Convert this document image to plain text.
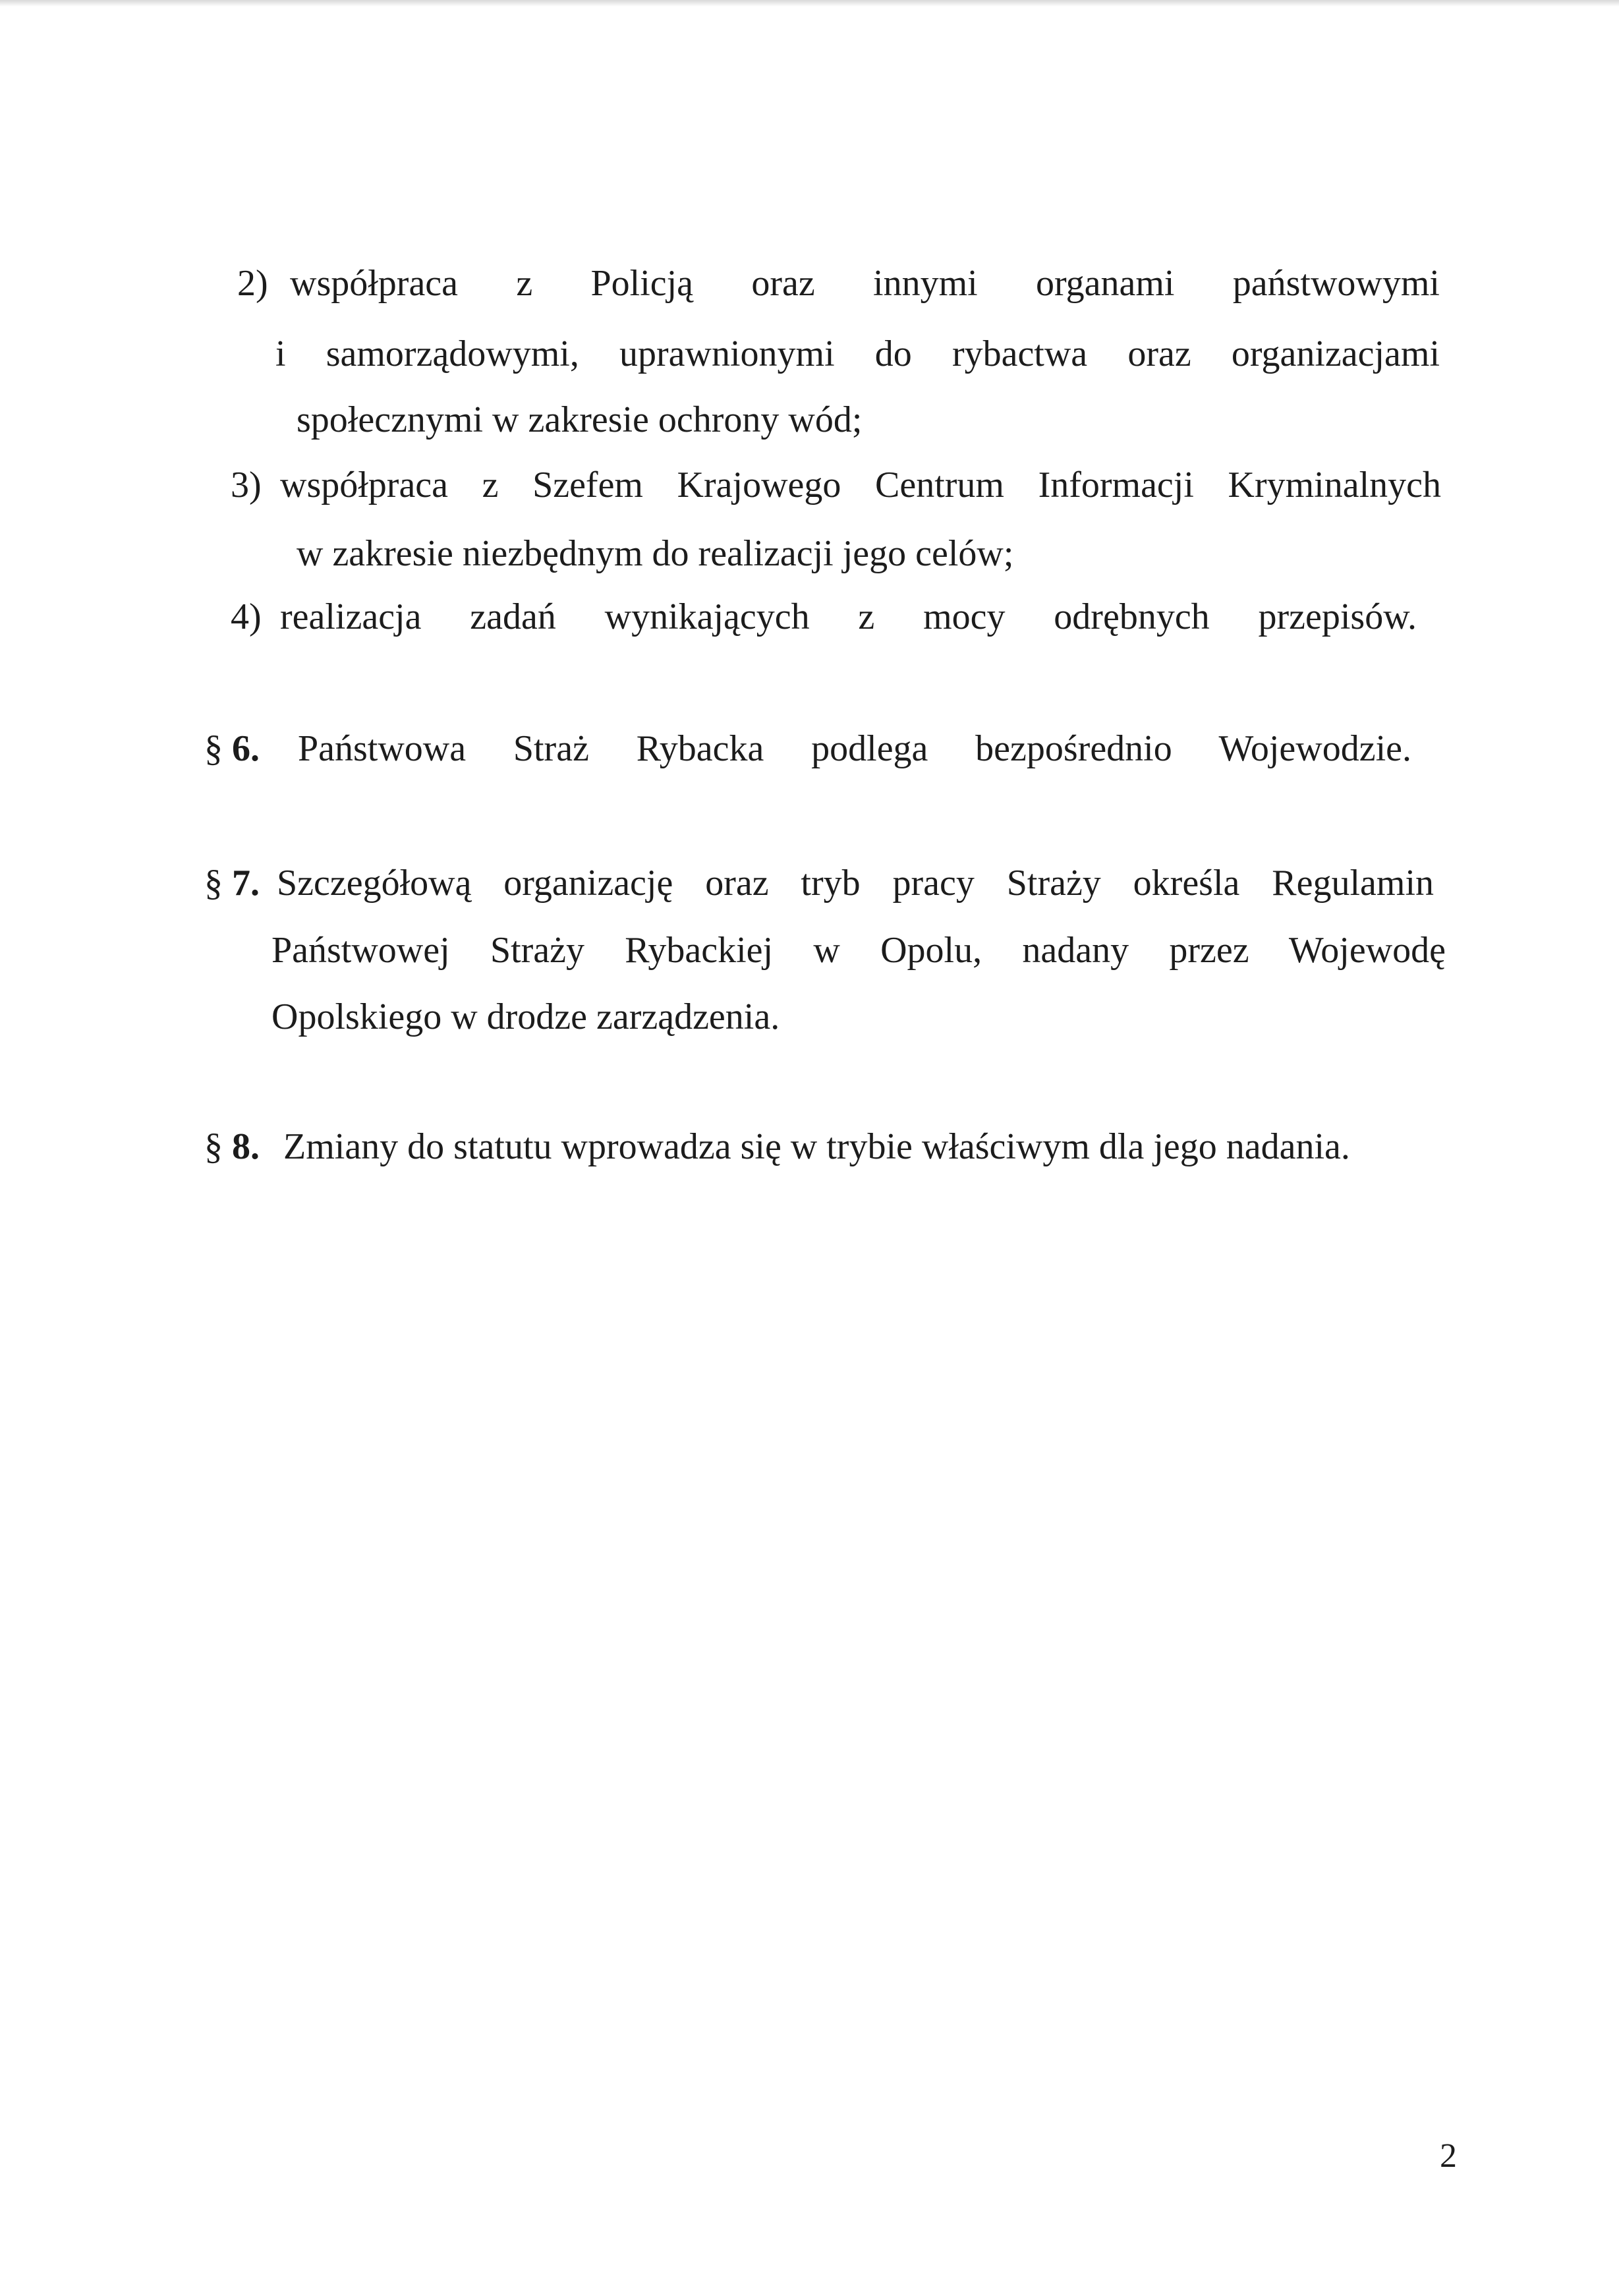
2) współpraca z Policją oraz innymi organami państwowymi
i samorządowymi, uprawnionymi do rybactwa oraz organizacjami
społecznymi w zakresie ochrony wód;
3) współpraca z Szefem Krajowego Centrum Informacji Kryminalnych
w zakresie niezbędnym do realizacji jego celów;
4) realizacja zadań wynikających z mocy odrębnych przepisów.
§ 6. Państwowa Straż Rybacka podlega bezpośrednio Wojewodzie.
§ 7. Szczegółową organizację oraz tryb pracy Straży określa Regulamin
Państwowej Straży Rybackiej w Opolu, nadany przez Wojewodę
Opolskiego w drodze zarządzenia.
§ 8. Zmiany do statutu wprowadza się w trybie właściwym dla jego nadania.
2
